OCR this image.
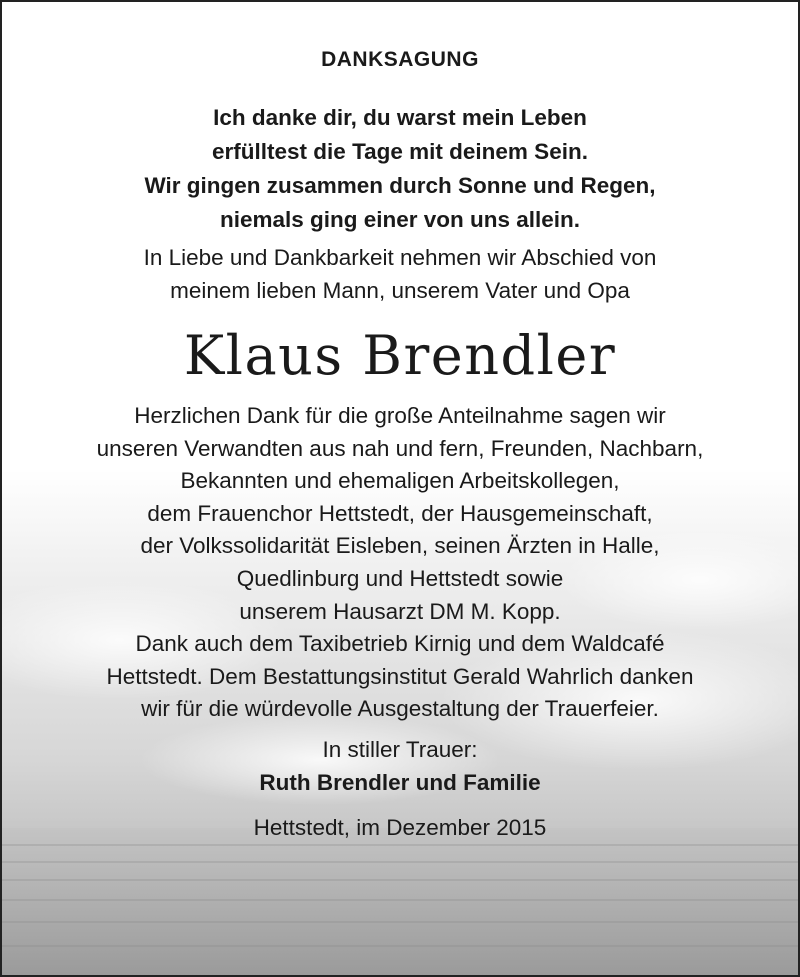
DANKSAGUNG

Ich danke dir, du warst mein Leben
erfülltest die Tage mit deinem Sein.
Wir gingen zusammen durch Sonne und Regen,
niemals ging einer von uns allein.

In Liebe und Dankbarkeit nehmen wir Abschied von
meinem lieben Mann, unserem Vater und Opa

Klaus Brendler

Herzlichen Dank für die große Anteilnahme sagen wir
unseren Verwandten aus nah und fern, Freunden, Nachbarn,
Bekannten und ehemaligen Arbeitskollegen,
dem Frauenchor Hettstedt, der Hausgemeinschaft,
der Volkssolidarität Eisleben, seinen Ärzten in Halle,
Quedlinburg und Hettstedt sowie
unserem Hausarzt DM M. Kopp.
Dank auch dem Taxibetrieb Kirnig und dem Waldcafé
Hettstedt. Dem Bestattungsinstitut Gerald Wahrlich danken
wir für die würdevolle Ausgestaltung der Trauerfeier.

In stiller Trauer:
Ruth Brendler und Familie

Hettstedt, im Dezember 2015
